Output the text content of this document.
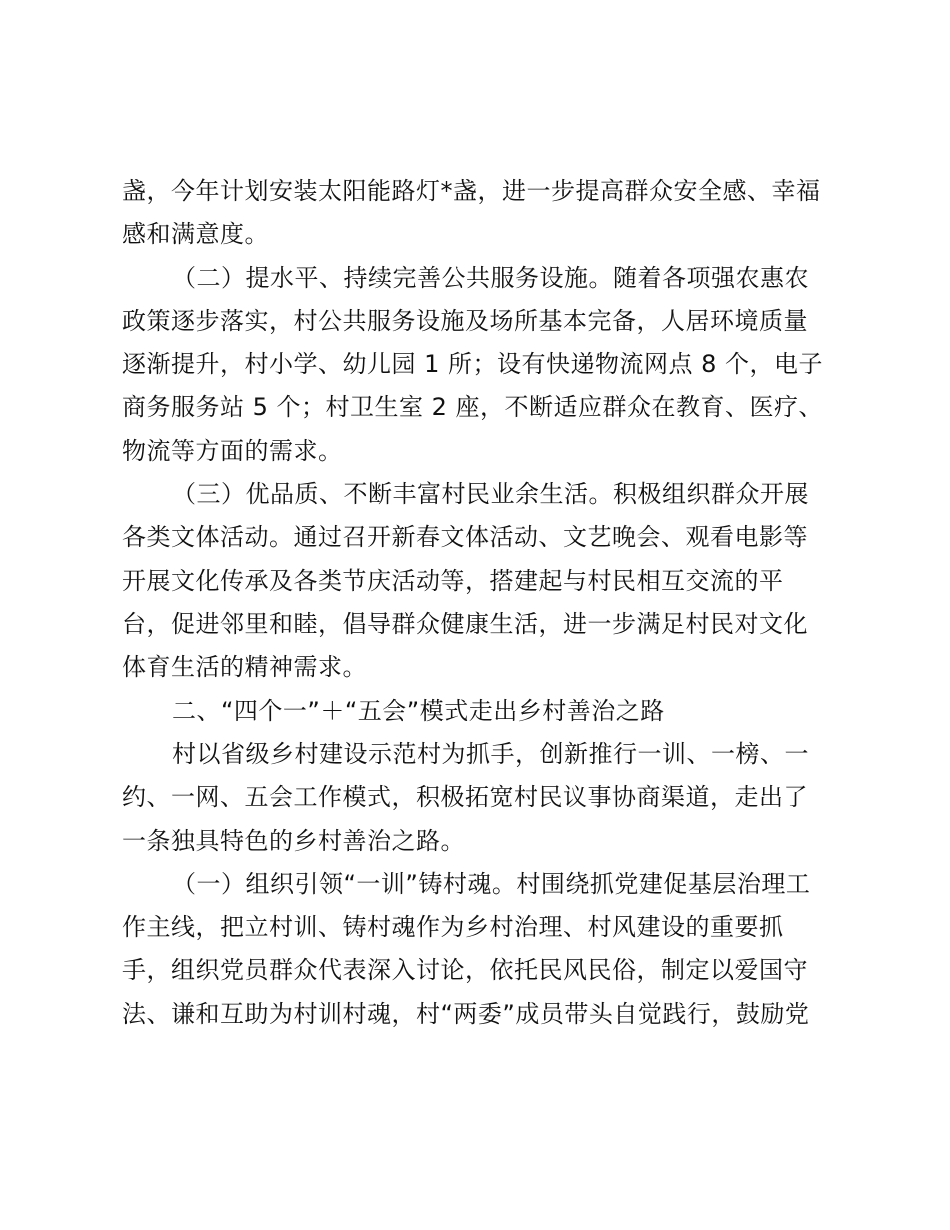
盏，今年计划安装太阳能路灯*盏，进一步提高群众安全感、幸福

感和满意度。

（二）提水平、持续完善公共服务设施。随着各项强农惠农

政策逐步落实，村公共服务设施及场所基本完备，人居环境质量

逐渐提升，村小学、幼儿园 1 所；设有快递物流网点 8 个，电子

商务服务站 5 个；村卫生室 2 座，不断适应群众在教育、医疗、

物流等方面的需求。

（三）优品质、不断丰富村民业余生活。积极组织群众开展

各类文体活动。通过召开新春文体活动、文艺晚会、观看电影等

开展文化传承及各类节庆活动等，搭建起与村民相互交流的平

台，促进邻里和睦，倡导群众健康生活，进一步满足村民对文化

体育生活的精神需求。

二、“四个一”＋“五会”模式走出乡村善治之路

村以省级乡村建设示范村为抓手，创新推行一训、一榜、一

约、一网、五会工作模式，积极拓宽村民议事协商渠道，走出了

一条独具特色的乡村善治之路。

（一）组织引领“一训”铸村魂。村围绕抓党建促基层治理工

作主线，把立村训、铸村魂作为乡村治理、村风建设的重要抓

手，组织党员群众代表深入讨论，依托民风民俗，制定以爱国守

法、谦和互助为村训村魂，村“两委”成员带头自觉践行，鼓励党
